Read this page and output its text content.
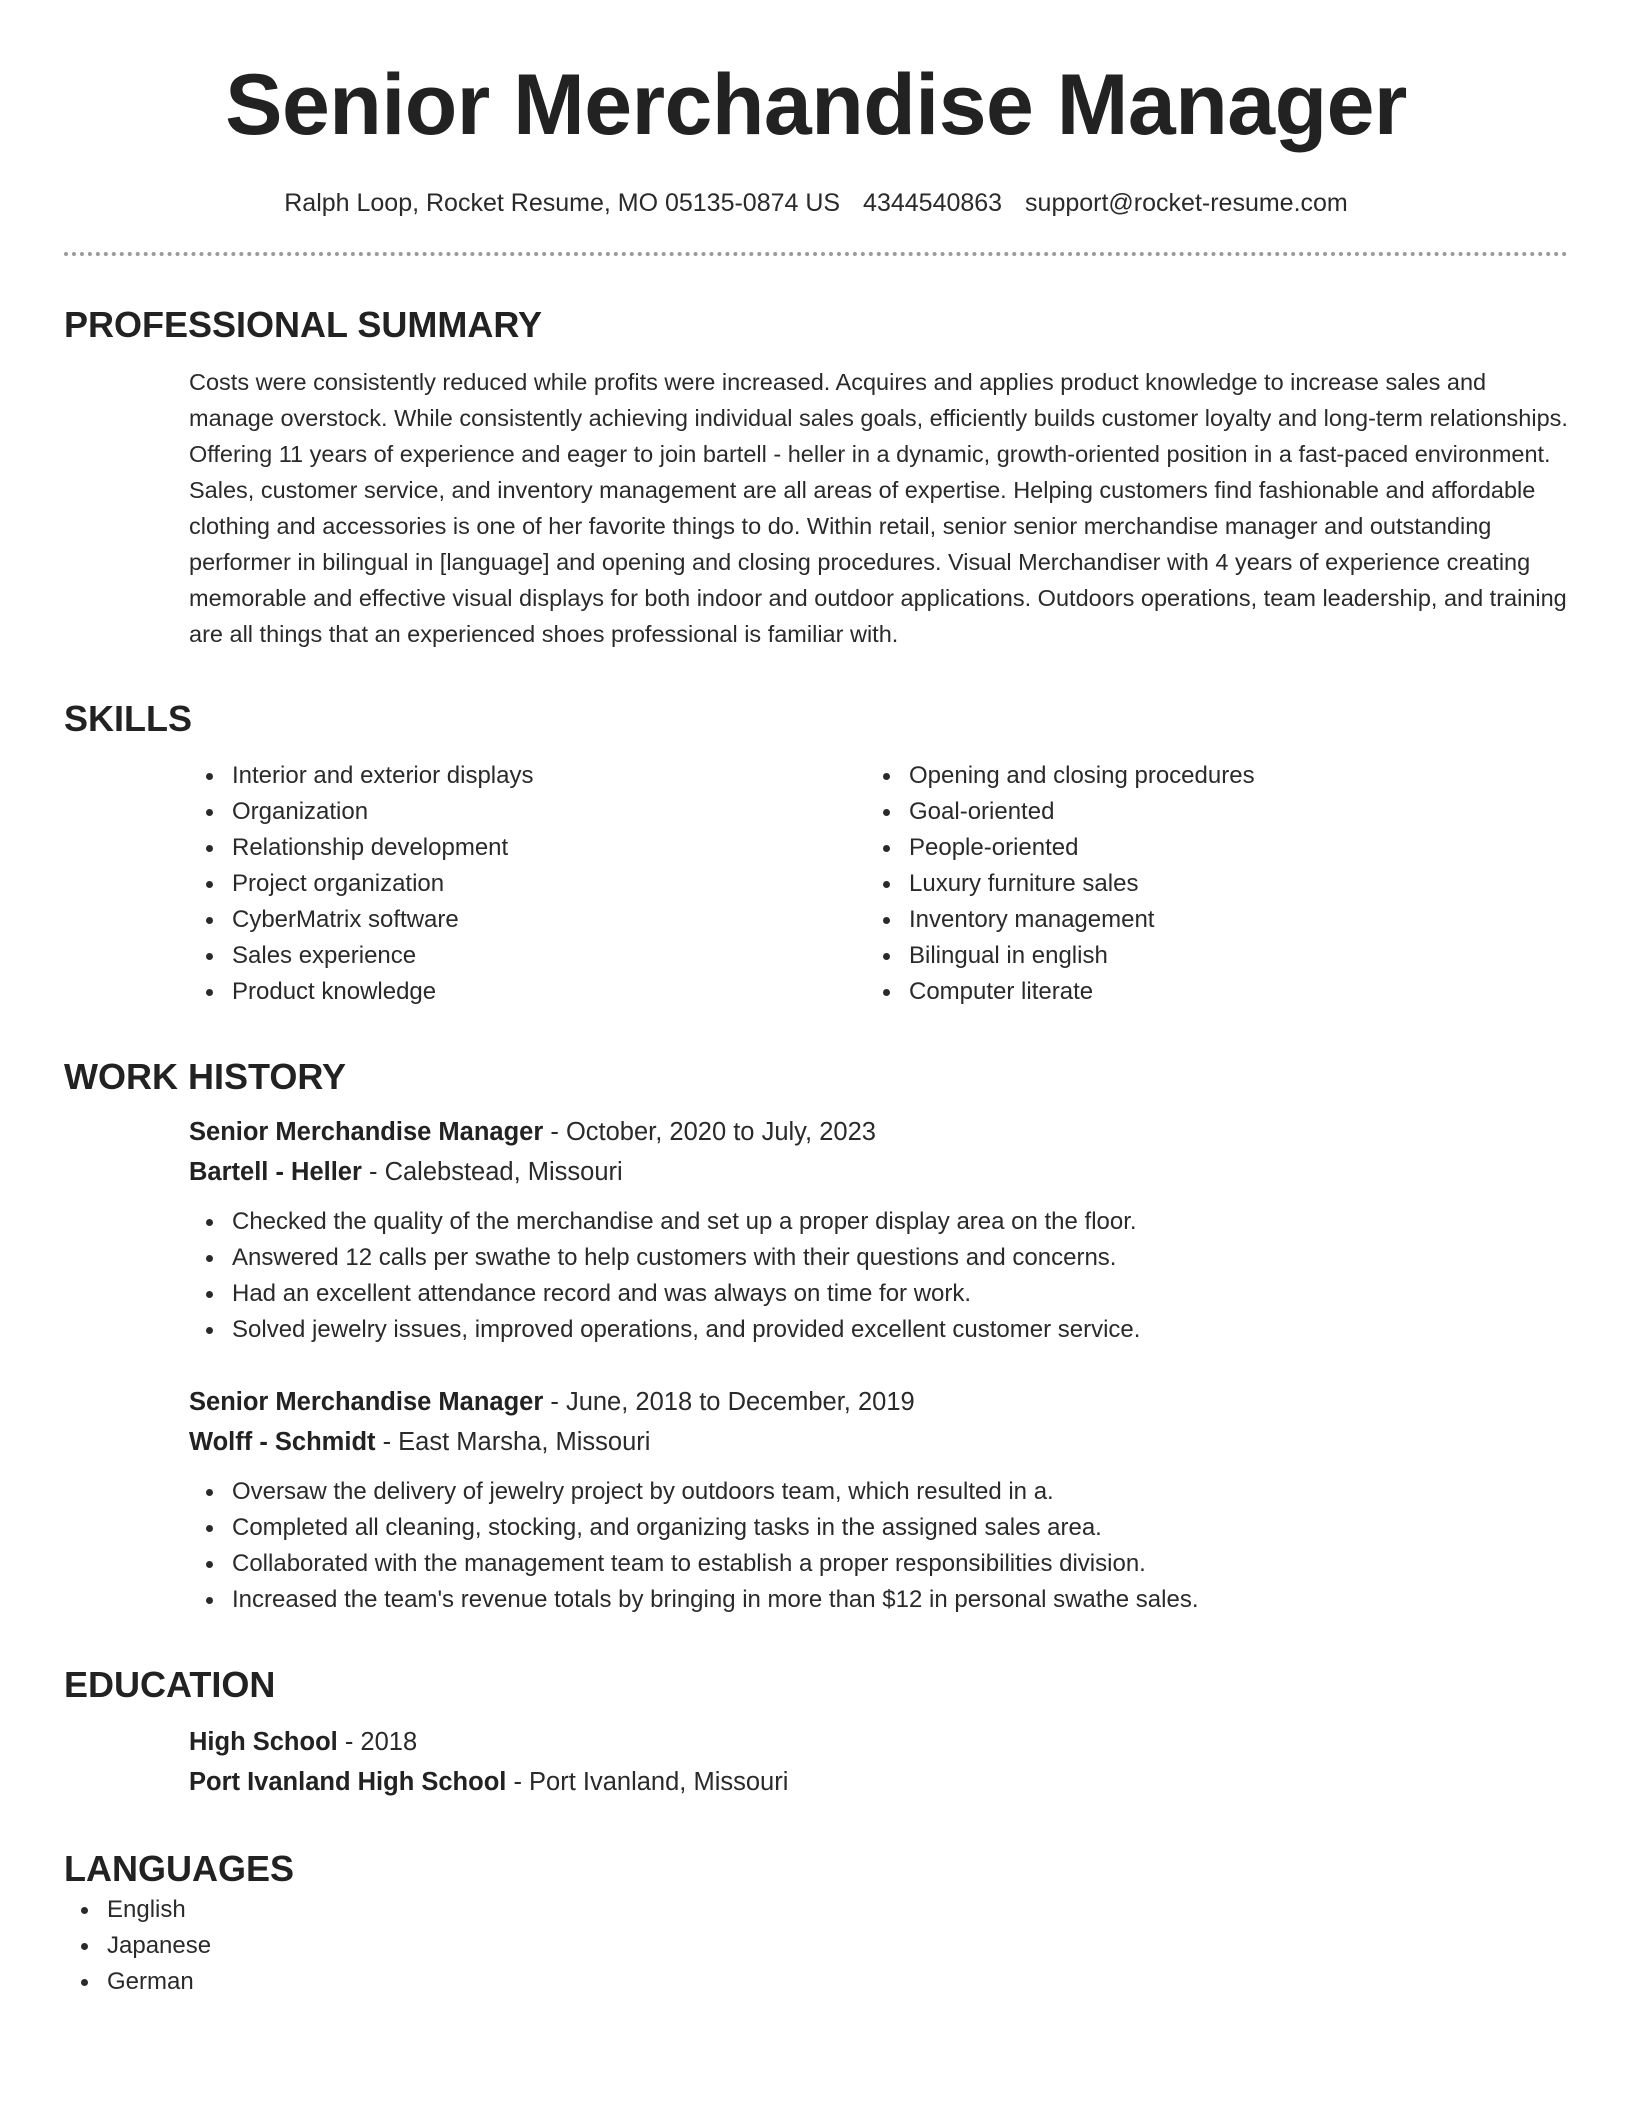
Senior Merchandise Manager
Ralph Loop, Rocket Resume, MO 05135-0874 US 4344540863 support@rocket-resume.com
PROFESSIONAL SUMMARY
Costs were consistently reduced while profits were increased. Acquires and applies product knowledge to increase sales and manage overstock. While consistently achieving individual sales goals, efficiently builds customer loyalty and long-term relationships. Offering 11 years of experience and eager to join bartell - heller in a dynamic, growth-oriented position in a fast-paced environment. Sales, customer service, and inventory management are all areas of expertise. Helping customers find fashionable and affordable clothing and accessories is one of her favorite things to do. Within retail, senior senior merchandise manager and outstanding performer in bilingual in [language] and opening and closing procedures. Visual Merchandiser with 4 years of experience creating memorable and effective visual displays for both indoor and outdoor applications. Outdoors operations, team leadership, and training are all things that an experienced shoes professional is familiar with.
SKILLS
Interior and exterior displays
Organization
Relationship development
Project organization
CyberMatrix software
Sales experience
Product knowledge
Opening and closing procedures
Goal-oriented
People-oriented
Luxury furniture sales
Inventory management
Bilingual in english
Computer literate
WORK HISTORY
Senior Merchandise Manager - October, 2020 to July, 2023
Bartell - Heller - Calebstead, Missouri
Checked the quality of the merchandise and set up a proper display area on the floor.
Answered 12 calls per swathe to help customers with their questions and concerns.
Had an excellent attendance record and was always on time for work.
Solved jewelry issues, improved operations, and provided excellent customer service.
Senior Merchandise Manager - June, 2018 to December, 2019
Wolff - Schmidt - East Marsha, Missouri
Oversaw the delivery of jewelry project by outdoors team, which resulted in a.
Completed all cleaning, stocking, and organizing tasks in the assigned sales area.
Collaborated with the management team to establish a proper responsibilities division.
Increased the team's revenue totals by bringing in more than $12 in personal swathe sales.
EDUCATION
High School - 2018
Port Ivanland High School - Port Ivanland, Missouri
LANGUAGES
English
Japanese
German
